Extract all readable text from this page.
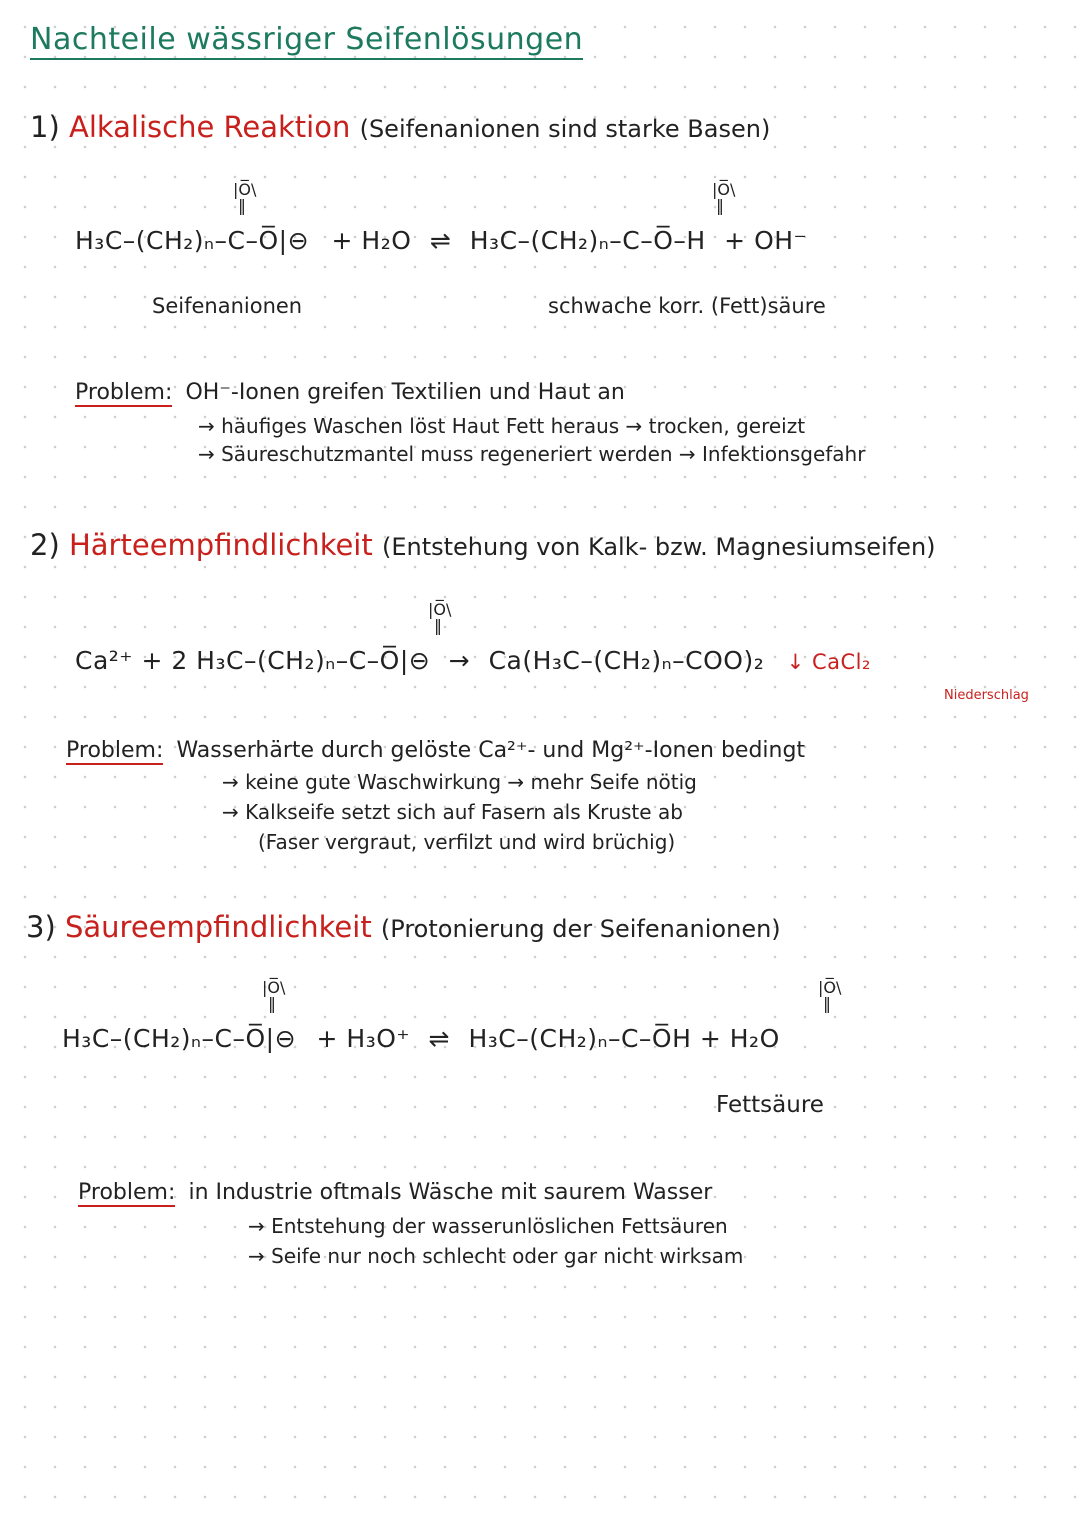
Nachteile wässriger Seifenlösungen
1) Alkalische Reaktion (Seifenanionen sind starke Basen)
|O̅\
‖
|O̅\
‖
H₃C–(CH₂)ₙ–C–O̅|⊖ + H₂O ⇌ H₃C–(CH₂)ₙ–C–O̅–H + OH⁻
Seifenanionen	schwache korr. (Fett)säure
Problem: OH⁻-Ionen greifen Textilien und Haut an
→ häufiges Waschen löst Haut Fett heraus → trocken, gereizt
→ Säureschutzmantel muss regeneriert werden → Infektionsgefahr
2) Härteempfindlichkeit (Entstehung von Kalk- bzw. Magnesiumseifen)
|O̅\
‖
Ca²⁺ + 2 H₃C–(CH₂)ₙ–C–O̅|⊖ → Ca(H₃C–(CH₂)ₙ–COO)₂ ↓ CaCl₂
Niederschlag
Problem: Wasserhärte durch gelöste Ca²⁺- und Mg²⁺-Ionen bedingt
→ keine gute Waschwirkung → mehr Seife nötig
→ Kalkseife setzt sich auf Fasern als Kruste ab
(Faser vergraut, verfilzt und wird brüchig)
3) Säureempfindlichkeit (Protonierung der Seifenanionen)
|O̅\
‖
|O̅\
‖
H₃C–(CH₂)ₙ–C–O̅|⊖ + H₃O⁺ ⇌ H₃C–(CH₂)ₙ–C–O̅H + H₂O
Fettsäure
Problem: in Industrie oftmals Wäsche mit saurem Wasser
→ Entstehung der wasserunlöslichen Fettsäuren
→ Seife nur noch schlecht oder gar nicht wirksam
